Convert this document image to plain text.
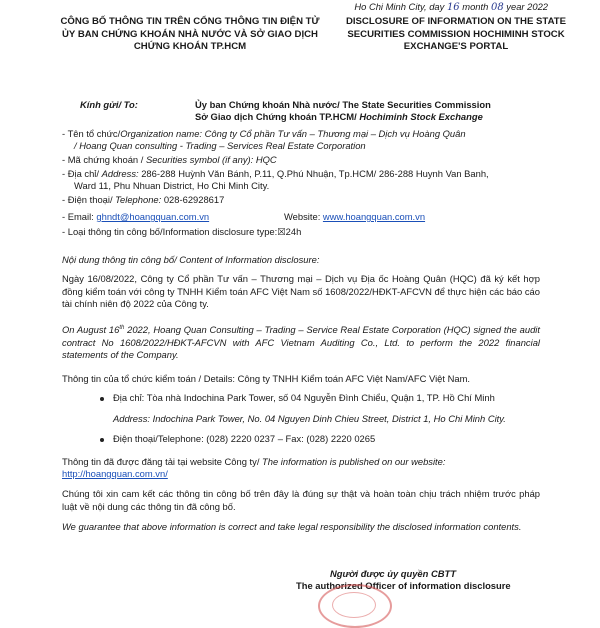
Ho Chi Minh City, day 16 month 08 year 2022
CÔNG BỐ THÔNG TIN TRÊN CỔNG THÔNG TIN ĐIỆN TỬ ỦY BAN CHỨNG KHOÁN NHÀ NƯỚC VÀ SỞ GIAO DỊCH CHỨNG KHOÁN TP.HCM
DISCLOSURE OF INFORMATION ON THE STATE SECURITIES COMMISSION HOCHIMINH STOCK EXCHANGE'S PORTAL
Kính gửi/ To:	Ủy ban Chứng khoán Nhà nước/ The State Securities Commission
Sở Giao dịch Chứng khoán TP.HCM/ Hochiminh Stock Exchange
- Tên tổ chức/Organization name: Công ty Cổ phần Tư vấn – Thương mại – Dịch vụ Hoàng Quân
/ Hoang Quan consulting - Trading – Services Real Estate Corporation
- Mã chứng khoán / Securities symbol (if any): HQC
- Địa chỉ/ Address: 286-288 Huỳnh Văn Bánh, P.11, Q.Phú Nhuận, Tp.HCM/ 286-288 Huynh Van Banh,
Ward 11, Phu Nhuan District, Ho Chi Minh City.
- Điện thoại/ Telephone: 028-62928617
- Email: ghndt@hoangquan.com.vn	Website: www.hoangquan.com.vn
- Loại thông tin công bố/Information disclosure type:☒24h
Nội dung thông tin công bố/ Content of Information disclosure:
Ngày 16/08/2022, Công ty Cổ phần Tư vấn – Thương mại – Dịch vụ Địa ốc Hoàng Quân (HQC) đã ký kết hợp đồng kiểm toán với công ty TNHH Kiểm toán AFC Việt Nam số 1608/2022/HĐKT-AFCVN để thực hiện các báo cáo tài chính niên độ 2022 của Công ty.
On August 16th 2022, Hoang Quan Consulting – Trading – Service Real Estate Corporation (HQC) signed the audit contract No 1608/2022/HĐKT-AFCVN with AFC Vietnam Auditing Co., Ltd. to perform the 2022 financial statements of the Company.
Thông tin của tổ chức kiểm toán / Details: Công ty TNHH Kiểm toán AFC Việt Nam/AFC Việt Nam.
Địa chỉ: Tòa nhà Indochina Park Tower, số 04 Nguyễn Đình Chiểu, Quận 1, TP. Hồ Chí Minh
Address: Indochina Park Tower, No. 04 Nguyen Dinh Chieu Street, District 1, Ho Chi Minh City.
Điện thoại/Telephone: (028) 2220 0237 – Fax: (028) 2220 0265
Thông tin đã được đăng tải tại website Công ty/ The information is published on our website:
http://hoangquan.com.vn/
Chúng tôi xin cam kết các thông tin công bố trên đây là đúng sự thật và hoàn toàn chịu trách nhiệm trước pháp luật về nội dung các thông tin đã công bố.
We guarantee that above information is correct and take legal responsibility the disclosed information contents.
Người được ủy quyền CBTT
The authorized Officer of information disclosure
